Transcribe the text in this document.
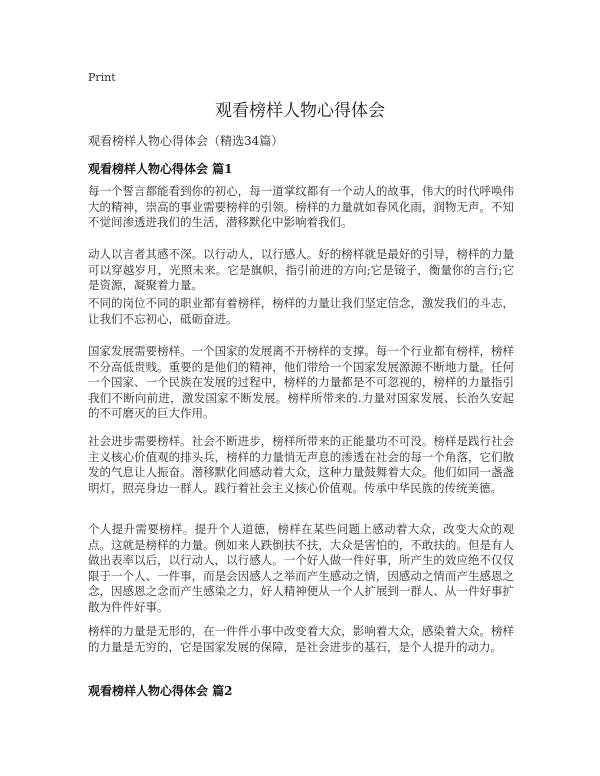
Print
观看榜样人物心得体会
观看榜样人物心得体会（精选34篇）
观看榜样人物心得体会 篇1

每一个誓言都能看到你的初心，每一道掌纹都有一个动人的故事，伟大的时代呼唤伟大的精神，崇高的事业需要榜样的引领。榜样的力量就如春风化雨，润物无声。不知不觉间渗透进我们的生活，潜移默化中影响着我们。

动人以言者其感不深。以行动人，以行感人。好的榜样就是最好的引导，榜样的力量可以穿越岁月，光照未来。它是旗帜，指引前进的方向;它是镜子，衡量你的言行;它是资源，凝聚着力量。

不同的岗位不同的职业都有着榜样，榜样的力量让我们坚定信念，激发我们的斗志，让我们不忘初心，砥砺奋进。

国家发展需要榜样。一个国家的发展离不开榜样的支撑。每一个行业都有榜样，榜样不分高低贵贱。重要的是他们的精神，他们带给一个国家发展源源不断地力量。任何一个国家、一个民族在发展的过程中，榜样的力量都是不可忽视的，榜样的力量指引我们不断向前进，激发国家不断发展。榜样所带来的.力量对国家发展、长治久安起的不可磨灭的巨大作用。

社会进步需要榜样。社会不断进步，榜样所带来的正能量功不可没。榜样是践行社会主义核心价值观的排头兵，榜样的力量悄无声息的渗透在社会的每一个角落，它们散发的气息让人振奋。潜移默化间感动着大众，这种力量鼓舞着大众。他们如同一盏盏明灯，照亮身边一群人。践行着社会主义核心价值观。传承中华民族的传统美德。

个人提升需要榜样。提升个人道德，榜样在某些问题上感动着大众，改变大众的观点。这就是榜样的力量。例如来人跌倒扶不扶，大众是害怕的，不敢扶的。但是有人做出表率以后，以行动人，以行感人。一个好人做一件好事，所产生的效应绝不仅仅限于一个人、一件事，而是会因感人之举而产生感动之情，因感动之情而产生感恩之念，因感恩之念而产生感染之力，好人精神便从一个人扩展到一群人、从一件好事扩散为件件好事。

榜样的力量是无形的，在一件件小事中改变着大众，影响着大众，感染着大众。榜样的力量是无穷的，它是国家发展的保障，是社会进步的基石，是个人提升的动力。

观看榜样人物心得体会 篇2
